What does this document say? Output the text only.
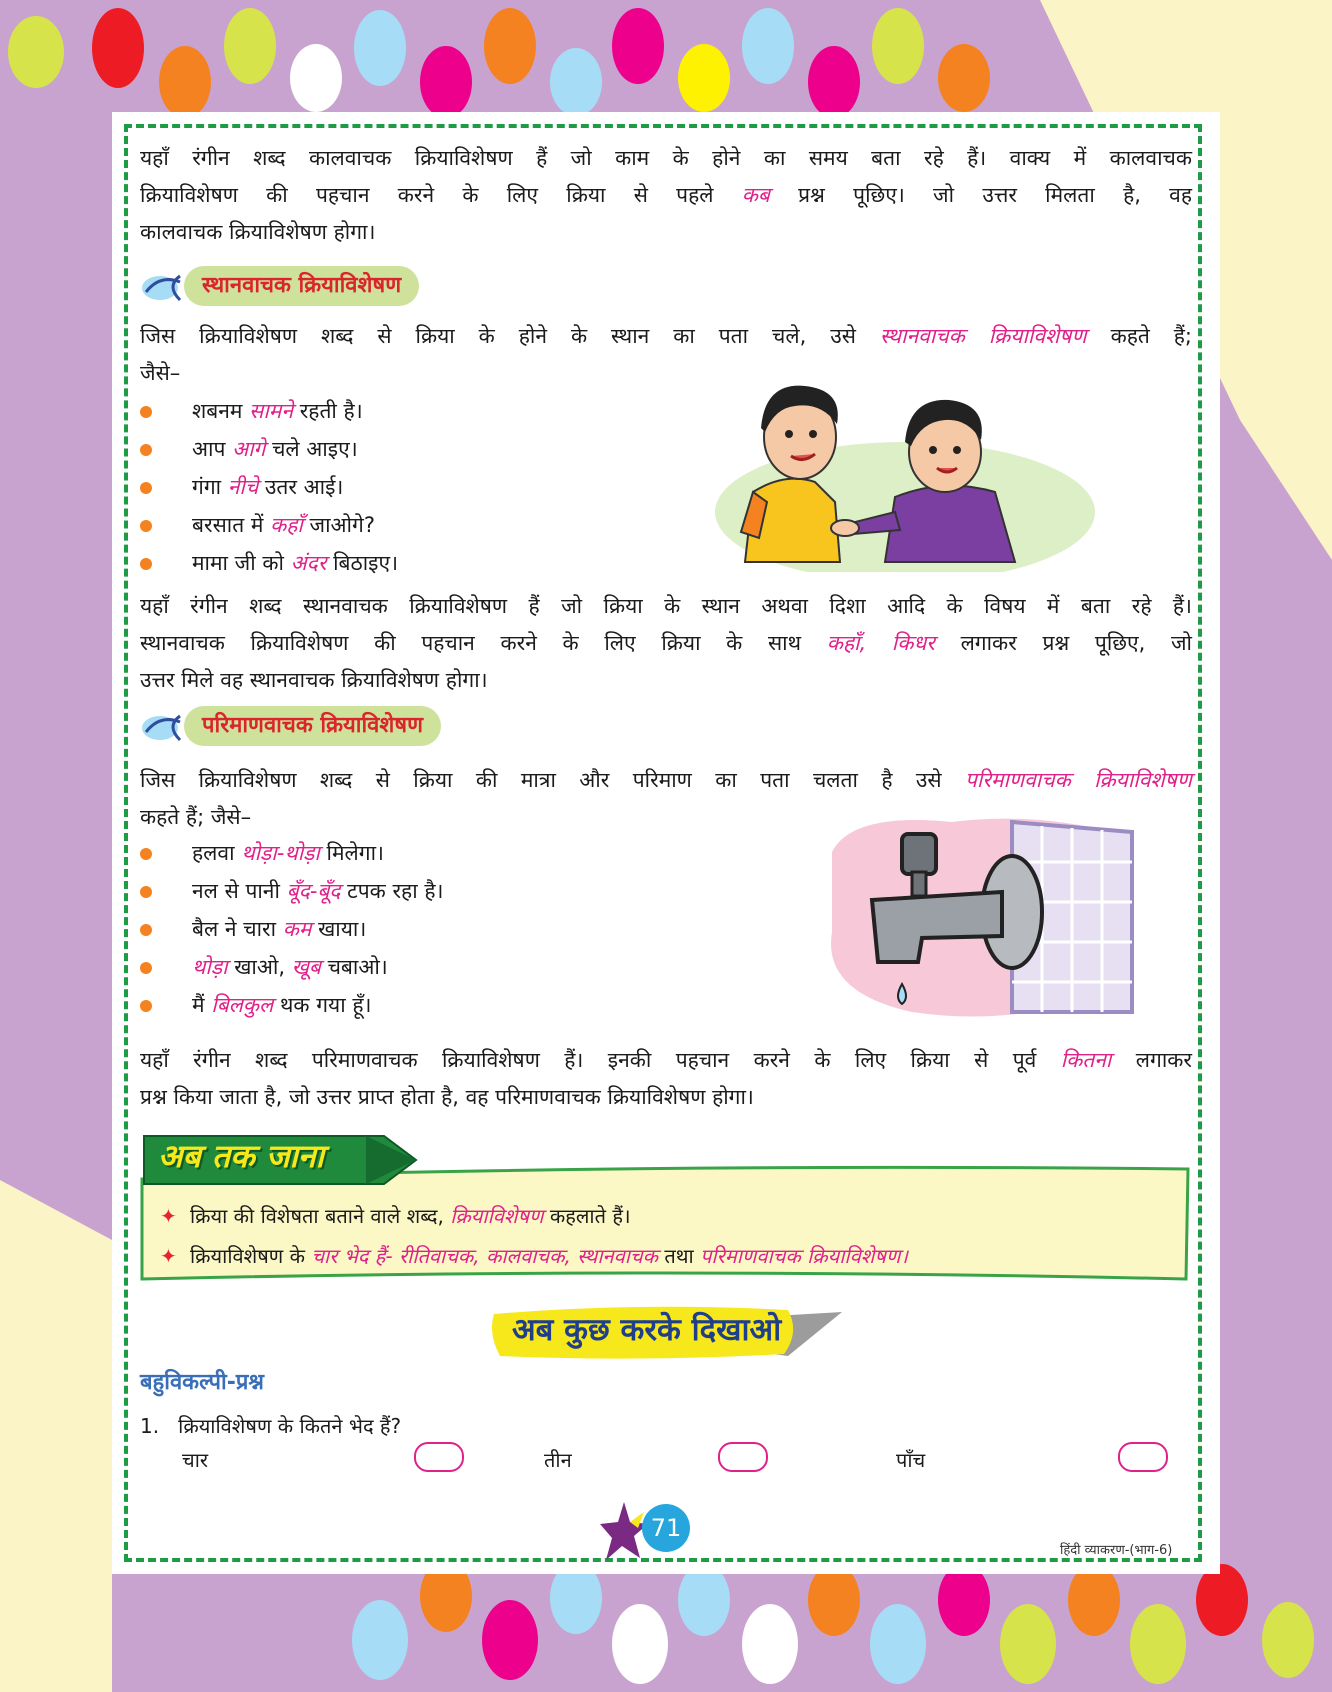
यहाँ रंगीन शब्द कालवाचक क्रियाविशेषण हैं जो काम के होने का समय बता रहे हैं। वाक्य में कालवाचक
क्रियाविशेषण की पहचान करने के लिए क्रिया से पहले कब प्रश्न पूछिए। जो उत्तर मिलता है, वह
कालवाचक क्रियाविशेषण होगा।
स्थानवाचक क्रियाविशेषण
जिस क्रियाविशेषण शब्द से क्रिया के होने के स्थान का पता चले, उसे स्थानवाचक क्रियाविशेषण कहते हैं;
जैसे–
शबनम सामने रहती है।
आप आगे चले आइए।
गंगा नीचे उतर आई।
बरसात में कहाँ जाओगे?
मामा जी को अंदर बिठाइए।
यहाँ रंगीन शब्द स्थानवाचक क्रियाविशेषण हैं जो क्रिया के स्थान अथवा दिशा आदि के विषय में बता रहे हैं।
स्थानवाचक क्रियाविशेषण की पहचान करने के लिए क्रिया के साथ कहाँ, किधर लगाकर प्रश्न पूछिए, जो
उत्तर मिले वह स्थानवाचक क्रियाविशेषण होगा।
परिमाणवाचक क्रियाविशेषण
जिस क्रियाविशेषण शब्द से क्रिया की मात्रा और परिमाण का पता चलता है उसे परिमाणवाचक क्रियाविशेषण
कहते हैं; जैसे–
हलवा थोड़ा-थोड़ा मिलेगा।
नल से पानी बूँद-बूँद टपक रहा है।
बैल ने चारा कम खाया।
थोड़ा खाओ, खूब चबाओ।
मैं बिलकुल थक गया हूँ।
यहाँ रंगीन शब्द परिमाणवाचक क्रियाविशेषण हैं। इनकी पहचान करने के लिए क्रिया से पूर्व कितना लगाकर
प्रश्न किया जाता है, जो उत्तर प्राप्त होता है, वह परिमाणवाचक क्रियाविशेषण होगा।
अब तक जाना
✦ क्रिया की विशेषता बताने वाले शब्द, क्रियाविशेषण कहलाते हैं।
✦ क्रियाविशेषण के चार भेद हैं- रीतिवाचक, कालवाचक, स्थानवाचक तथा परिमाणवाचक क्रियाविशेषण।
अब कुछ करके दिखाओ
बहुविकल्पी-प्रश्न
1. क्रियाविशेषण के कितने भेद हैं?
चार	तीन	पाँच
71
हिंदी व्याकरण-(भाग-6)
